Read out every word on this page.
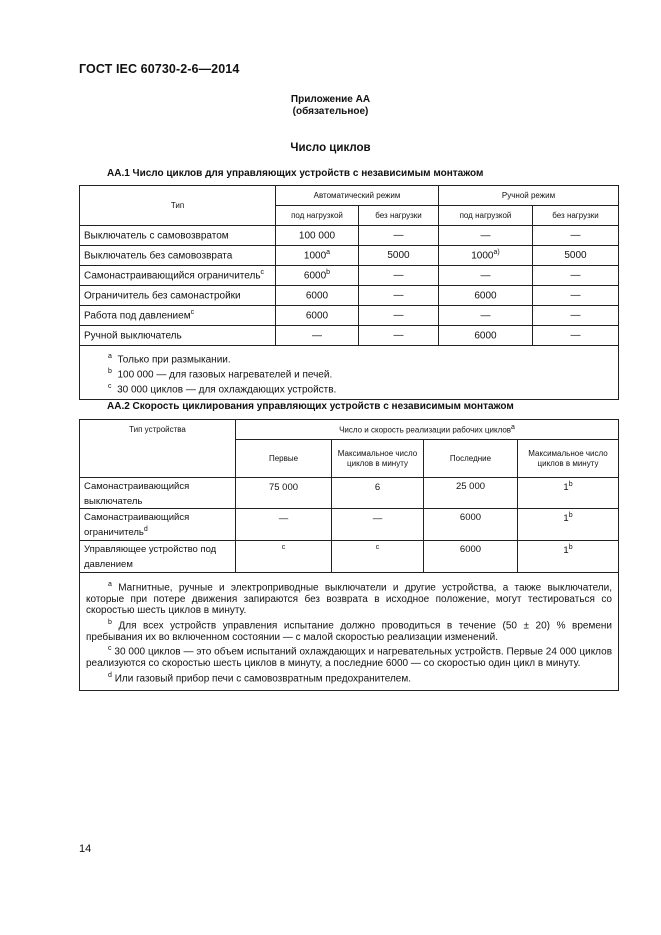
ГОСТ IEC 60730-2-6—2014
Приложение АА
(обязательное)
Число циклов
АА.1 Число циклов для управляющих устройств с независимым монтажом
Тип	Автоматический режим		Ручной режим	
	под нагрузкой	без нагрузки	под нагрузкой	без нагрузки
Выключатель с самовозвратом	100 000	—	—	—
Выключатель без самовозврата	1000$^a$	5000	1000$^{a)}$	5000
Самонастраивающийся ограничитель$^c$	6000$^b$	—	—	—
Ограничитель без самонастройки	6000	—	6000	—
Работа под давлением$^c$	6000	—	—	—
Ручной выключатель	—	—	6000	—

$^a$ Только при размыкании.
$^b$ 100 000 — для газовых нагревателей и печей.
$^c$ 30 000 циклов — для охлаждающих устройств.				
АА.2 Скорость циклирования управляющих устройств с независимым монтажом
Тип устройства	Число и скорость реализации рабочих циклов$^a$
	Первые	Максимальное число циклов в минуту	Последние	Максимальное число циклов в минуту
Самонастраивающийся выключатель	75 000	6	25 000	1$^b$
Самонастраивающийся ограничитель$^d$	—	—	6000	1$^b$
Управляющее устройство под давлением	$^c$	$^c$	6000	1$^b$

$^a$ Магнитные, ручные и электроприводные выключатели и другие устройства, а также выключатели, которые при потере движения запираются без возврата в исходное положение, могут тестироваться со скоростью шесть циклов в минуту.
$^b$ Для всех устройств управления испытание должно проводиться в течение (50 ± 20) % времени пребывания их во включенном состоянии — с малой скоростью реализации изменений.
$^c$ 30 000 циклов — это объем испытаний охлаждающих и нагревательных устройств. Первые 24 000 циклов реализуются со скоростью шесть циклов в минуту, а последние 6000 — со скоростью один цикл в минуту.
$^d$ Или газовый прибор печи с самовозвратным предохранителем.				
14
